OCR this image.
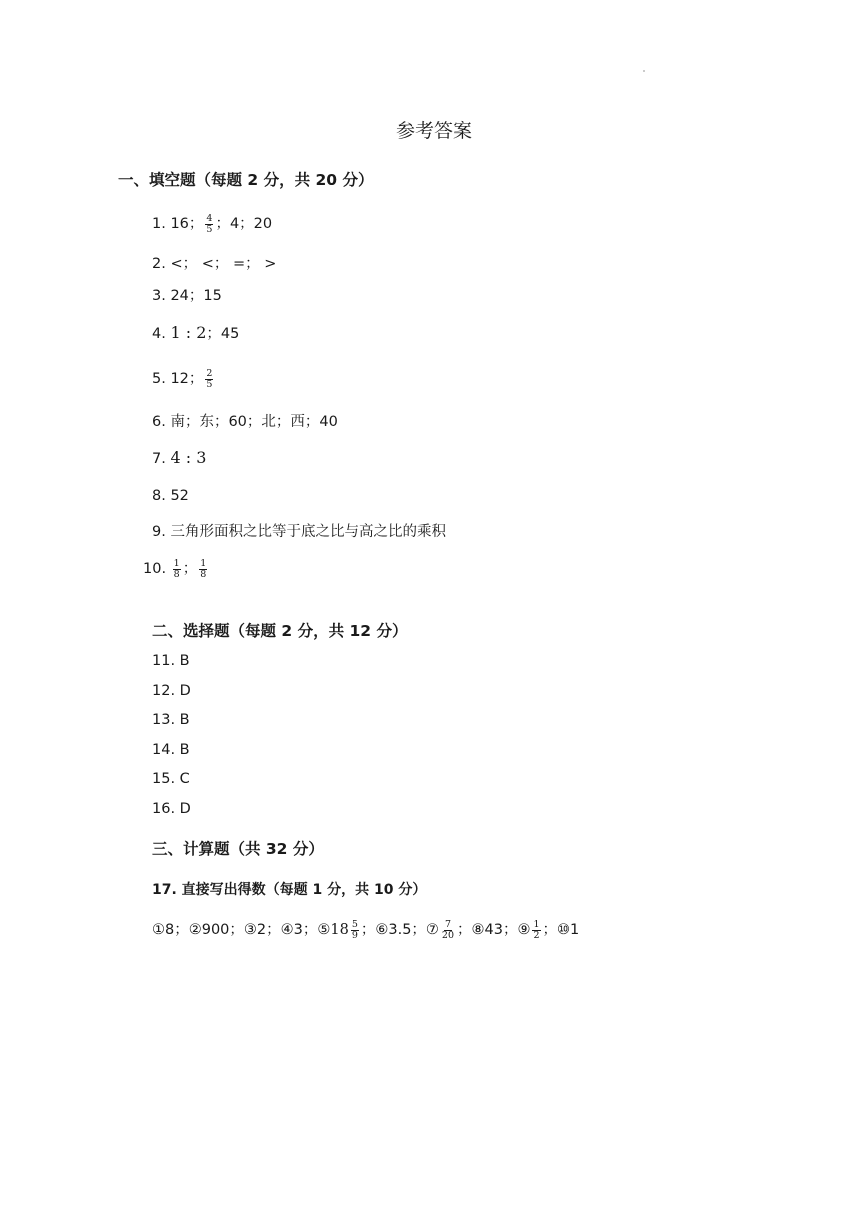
参考答案
一、填空题（每题 2 分，共 20 分）
1. 16； $\frac{4}{5}$ ；4；20
2. <； <； =； >
3. 24；15
4. 1 : 2；45
5. 12； $\frac{2}{5}$
6. 南；东；60；北；西；40
7. 4 : 3
8. 52
9. 三角形面积之比等于底之比与高之比的乘积
10. $\frac{1}{8}$ ； $\frac{1}{8}$
二、选择题（每题 2 分，共 12 分）
11. B
12. D
13. B
14. B
15. C
16. D
三、计算题（共 32 分）
17. 直接写出得数（每题 1 分，共 10 分）
①8；②900；③2；④3；⑤18 $\frac{5}{9}$ ；⑥3.5；⑦ $\frac{7}{20}$ ；⑧43；⑨ $\frac{1}{2}$ ；⑩1
